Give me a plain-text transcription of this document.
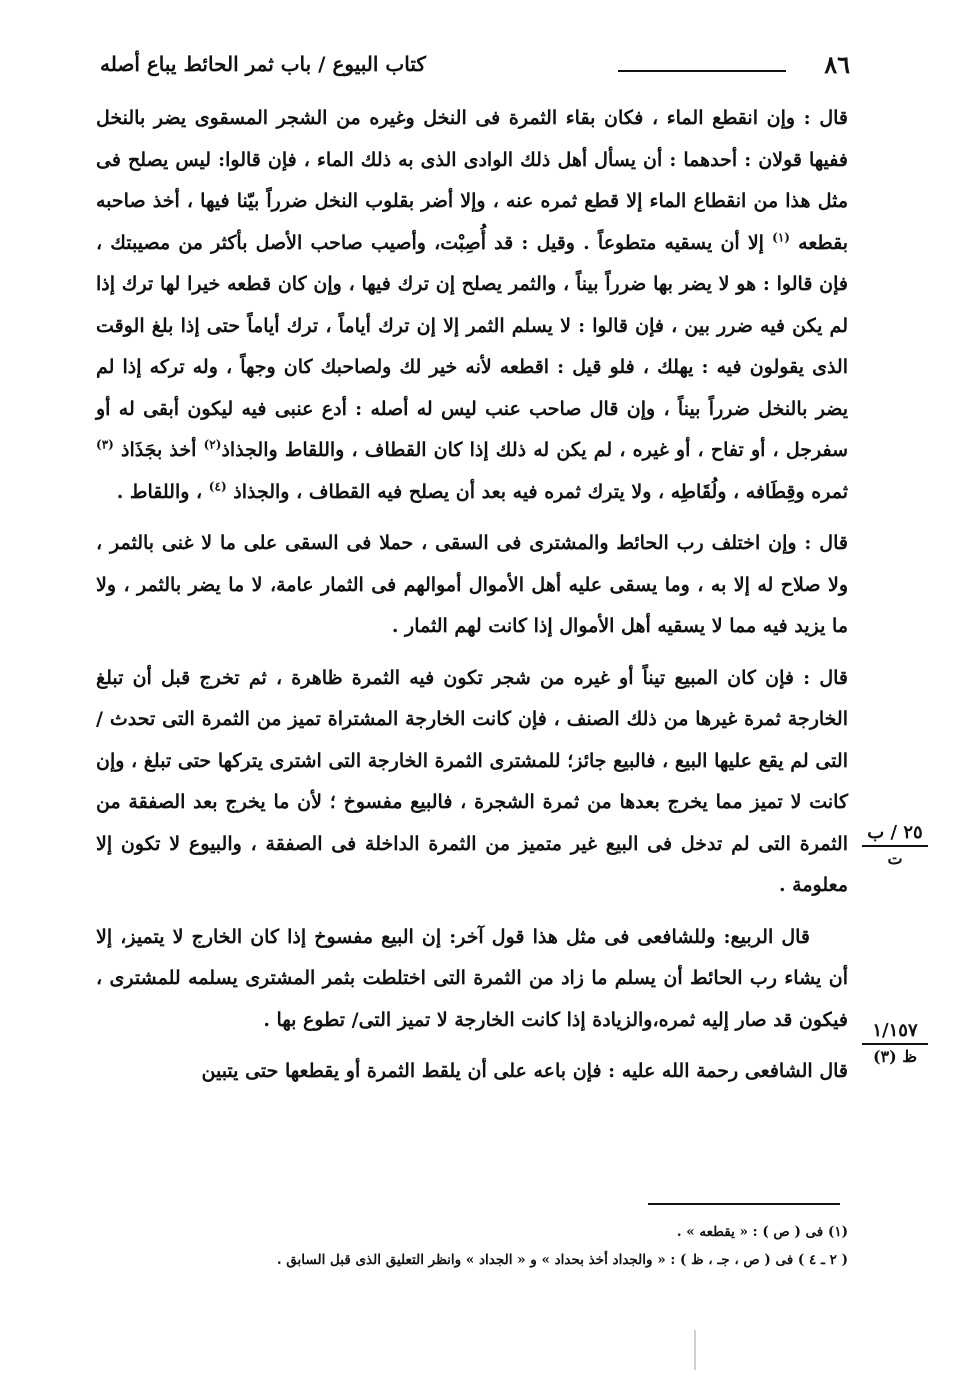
٨٦
كتاب البيوع / باب ثمر الحائط يباع أصله

قال : وإن انقطع الماء ، فكان بقاء الثمرة فى النخل وغيره من الشجر المسقوى يضر بالنخل ففيها قولان : أحدهما : أن يسأل أهل ذلك الوادى الذى به ذلك الماء ، فإن قالوا: ليس يصلح فى مثل هذا من انقطاع الماء إلا قطع ثمره عنه ، وإلا أضر بقلوب النخل ضرراً بيّنا فيها ، أخذ صاحبه بقطعه $^{(١)}$ إلا أن يسقيه متطوعاً . وقيل : قد أُصِبْت، وأصيب صاحب الأصل بأكثر من مصيبتك ، فإن قالوا : هو لا يضر بها ضرراً بيناً ، والثمر يصلح إن ترك فيها ، وإن كان قطعه خيرا لها ترك إذا لم يكن فيه ضرر بين ، فإن قالوا : لا يسلم الثمر إلا إن ترك أياماً ، ترك أياماً حتى إذا بلغ الوقت الذى يقولون فيه : يهلك ، فلو قيل : اقطعه لأنه خير لك ولصاحبك كان وجهاً ، وله تركه إذا لم يضر بالنخل ضرراً بيناً ، وإن قال صاحب عنب ليس له أصله : أدع عنبى فيه ليكون أبقى له أو سفرجل ، أو تفاح ، أو غيره ، لم يكن له ذلك إذا كان القطاف ، واللقاط والجذاذ$^{(٢)}$ أخذ بجَذَاذ $^{(٣)}$ ثمره وقِطَافه ، ولُقَاطِه ، ولا يترك ثمره فيه بعد أن يصلح فيه القطاف ، والجذاذ $^{(٤)}$ ، واللقاط .

قال : وإن اختلف رب الحائط والمشترى فى السقى ، حملا فى السقى على ما لا غنى بالثمر ، ولا صلاح له إلا به ، وما يسقى عليه أهل الأموال أموالهم فى الثمار عامة، لا ما يضر بالثمر ، ولا ما يزيد فيه مما لا يسقيه أهل الأموال إذا كانت لهم الثمار .

قال : فإن كان المبيع تيناً أو غيره من شجر تكون فيه الثمرة ظاهرة ، ثم تخرج قبل أن تبلغ الخارجة ثمرة غيرها من ذلك الصنف ، فإن كانت الخارجة المشتراة تميز من الثمرة التى تحدث / التى لم يقع عليها البيع ، فالبيع جائز؛ للمشترى الثمرة الخارجة التى اشترى يتركها حتى تبلغ ، وإن كانت لا تميز مما يخرج بعدها من ثمرة الشجرة ، فالبيع مفسوخ ؛ لأن ما يخرج بعد الصفقة من الثمرة التى لم تدخل فى البيع غير متميز من الثمرة الداخلة فى الصفقة ، والبيوع لا تكون إلا معلومة .

قال الربيع: وللشافعى فى مثل هذا قول آخر: إن البيع مفسوخ إذا كان الخارج لا يتميز، إلا أن يشاء رب الحائط أن يسلم ما زاد من الثمرة التى اختلطت بثمر المشترى يسلمه للمشترى ، فيكون قد صار إليه ثمره،والزيادة إذا كانت الخارجة لا تميز التى/ تطوع بها .

قال الشافعى رحمة الله عليه : فإن باعه على أن يلقط الثمرة أو يقطعها حتى يتبين

٢٥ / ب
ت
١/١٥٧
ظ (٣)

(١) فى ( ص ) : « يقطعه » .

( ٢ ـ ٤ ) فى ( ص ، جـ ، ظ ) : « والجداد أخذ بحداد » و « الجداد » وانظر التعليق الذى قبل السابق .
